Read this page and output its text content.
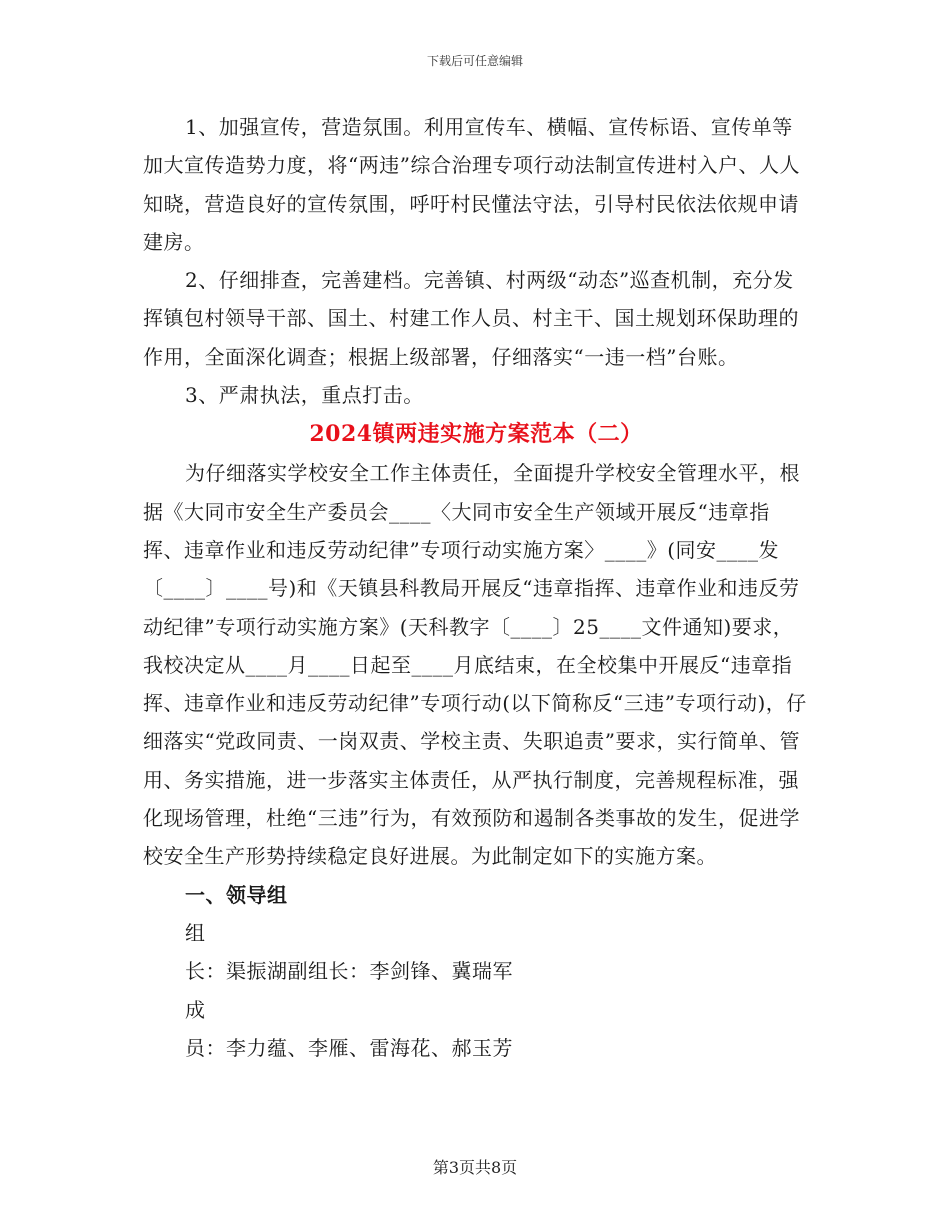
下载后可任意编辑

1、加强宣传，营造氛围。利用宣传车、横幅、宣传标语、宣传单等加大宣传造势力度，将“两违”综合治理专项行动法制宣传进村入户、人人知晓，营造良好的宣传氛围，呼吁村民懂法守法，引导村民依法依规申请建房。

2、仔细排查，完善建档。完善镇、村两级“动态”巡查机制，充分发挥镇包村领导干部、国土、村建工作人员、村主干、国土规划环保助理的作用，全面深化调查；根据上级部署，仔细落实“一违一档”台账。

3、严肃执法，重点打击。

2024镇两违实施方案范本（二）

为仔细落实学校安全工作主体责任，全面提升学校安全管理水平，根据《大同市安全生产委员会____〈大同市安全生产领域开展反“违章指挥、违章作业和违反劳动纪律”专项行动实施方案〉____》(同安____发〔____〕____号)和《天镇县科教局开展反“违章指挥、违章作业和违反劳动纪律”专项行动实施方案》(天科教字〔____〕25____文件通知)要求，我校决定从____月____日起至____月底结束，在全校集中开展反“违章指挥、违章作业和违反劳动纪律”专项行动(以下简称反“三违”专项行动)，仔细落实“党政同责、一岗双责、学校主责、失职追责”要求，实行简单、管用、务实措施，进一步落实主体责任，从严执行制度，完善规程标准，强化现场管理，杜绝“三违”行为，有效预防和遏制各类事故的发生，促进学校安全生产形势持续稳定良好进展。为此制定如下的实施方案。

一、领导组

组

长：渠振湖副组长：李剑锋、冀瑞军

成

员：李力蕴、李雁、雷海花、郝玉芳

第3页共8页
